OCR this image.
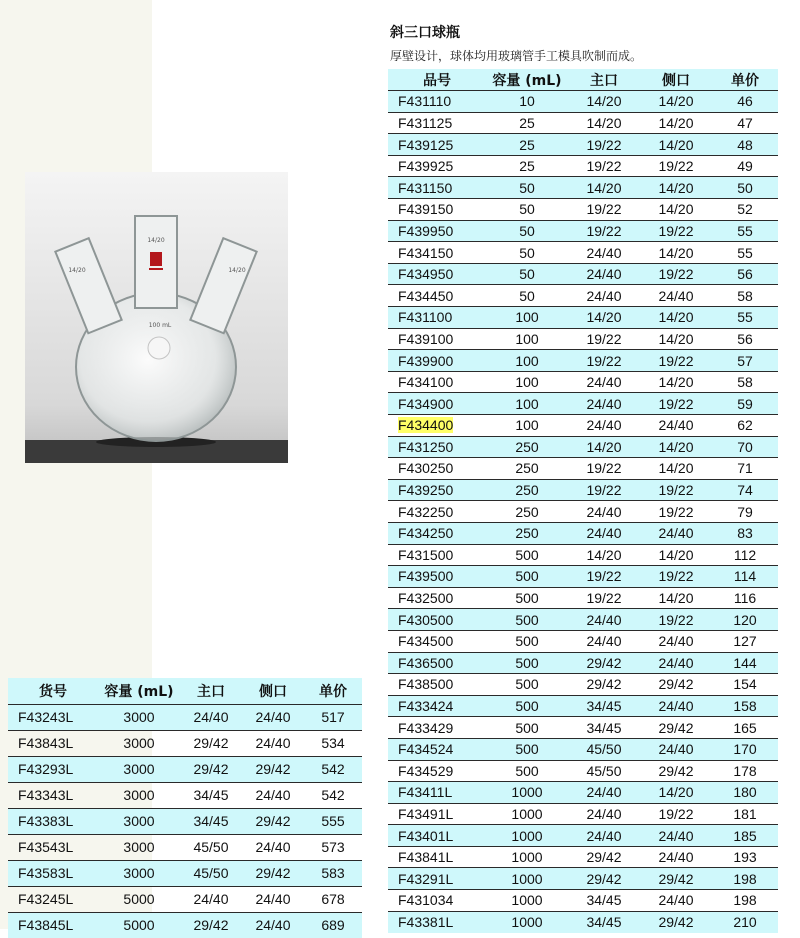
14/20
14/20	14/20
100 mL
斜三口球瓶
厚壁设计，球体均用玻璃管手工模具吹制而成。
品号	容量 (mL)	主口	侧口	单价
F431110	10	14/20	14/20	46
F431125	25	14/20	14/20	47
F439125	25	19/22	14/20	48
F439925	25	19/22	19/22	49
F431150	50	14/20	14/20	50
F439150	50	19/22	14/20	52
F439950	50	19/22	19/22	55
F434150	50	24/40	14/20	55
F434950	50	24/40	19/22	56
F434450	50	24/40	24/40	58
F431100	100	14/20	14/20	55
F439100	100	19/22	14/20	56
F439900	100	19/22	19/22	57
F434100	100	24/40	14/20	58
F434900	100	24/40	19/22	59
F434400	100	24/40	24/40	62
F431250	250	14/20	14/20	70
F430250	250	19/22	14/20	71
F439250	250	19/22	19/22	74
F432250	250	24/40	19/22	79
F434250	250	24/40	24/40	83
F431500	500	14/20	14/20	112
F439500	500	19/22	19/22	114
F432500	500	19/22	14/20	116
F430500	500	24/40	19/22	120
F434500	500	24/40	24/40	127
F436500	500	29/42	24/40	144
F438500	500	29/42	29/42	154
F433424	500	34/45	24/40	158
F433429	500	34/45	29/42	165
F434524	500	45/50	24/40	170
F434529	500	45/50	29/42	178
F43411L	1000	24/40	14/20	180
F43491L	1000	24/40	19/22	181
F43401L	1000	24/40	24/40	185
F43841L	1000	29/42	24/40	193
F43291L	1000	29/42	29/42	198
F431034	1000	34/45	24/40	198
F43381L	1000	34/45	29/42	210
货号	容量 (mL)	主口	侧口	单价
F43243L	3000	24/40	24/40	517
F43843L	3000	29/42	24/40	534
F43293L	3000	29/42	29/42	542
F43343L	3000	34/45	24/40	542
F43383L	3000	34/45	29/42	555
F43543L	3000	45/50	24/40	573
F43583L	3000	45/50	29/42	583
F43245L	5000	24/40	24/40	678
F43845L	5000	29/42	24/40	689
